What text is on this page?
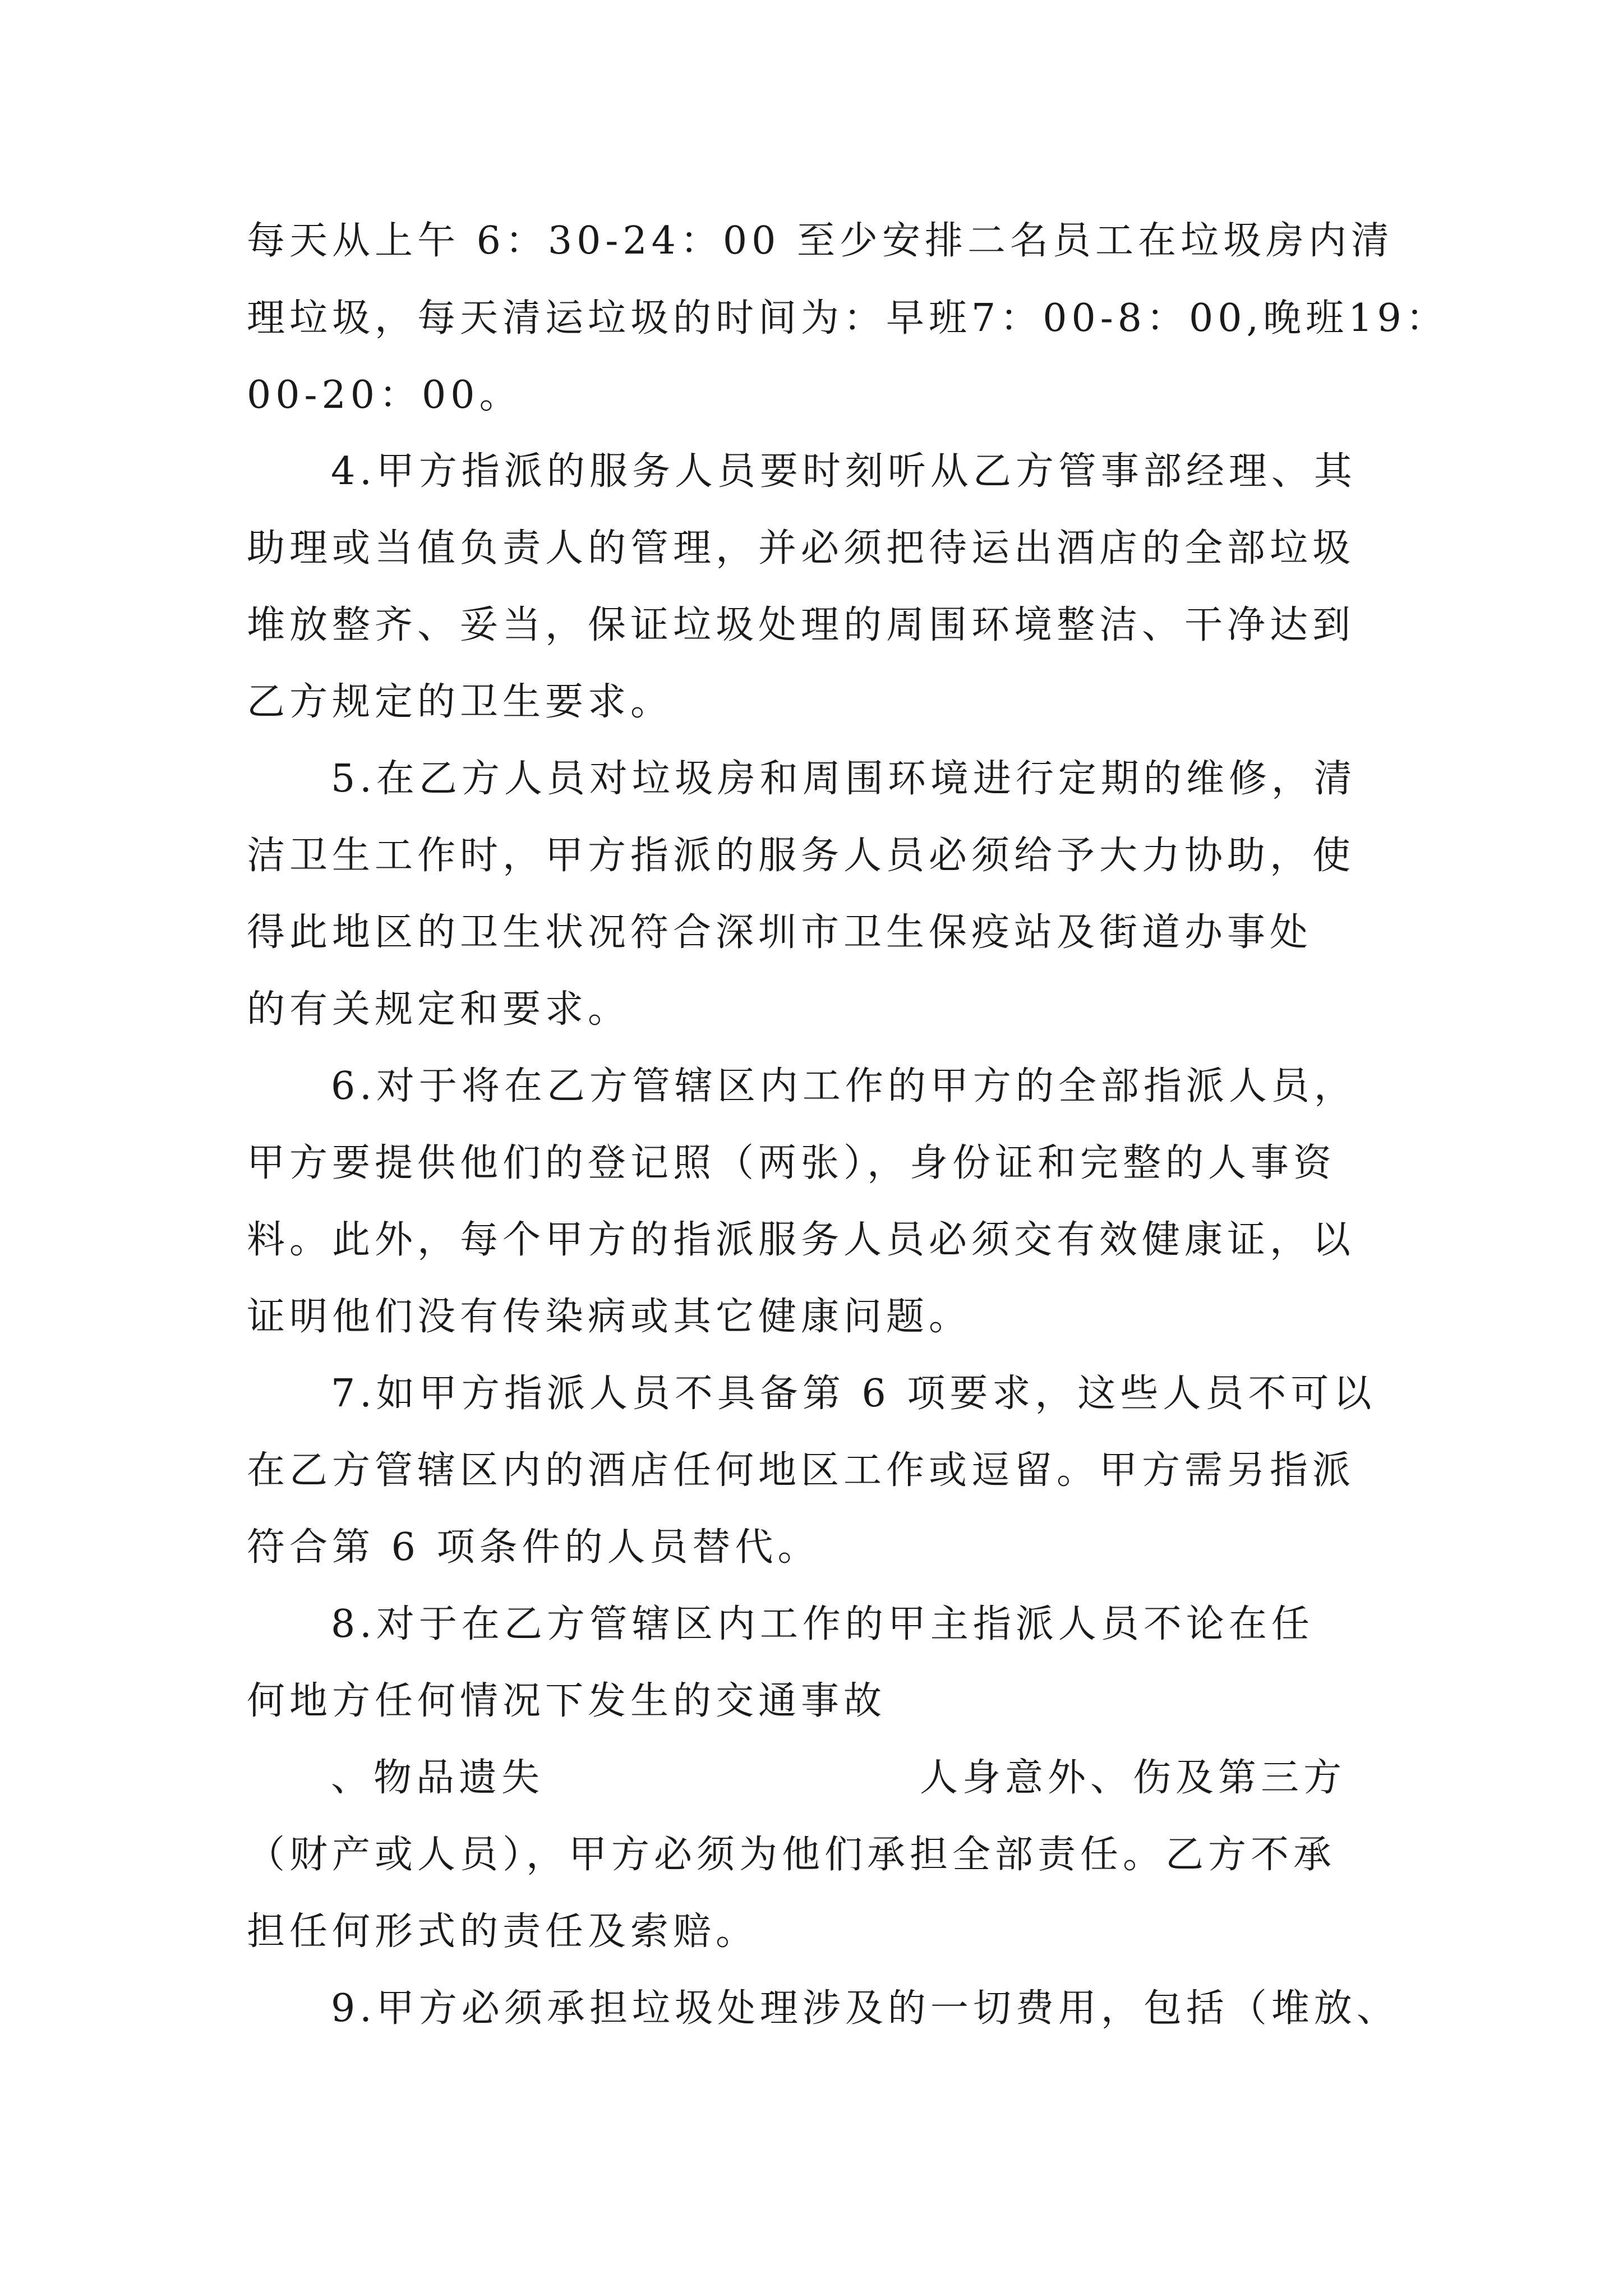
每天从上午 6：30-24：00 至少安排二名员工在垃圾房内清
理垃圾，每天清运垃圾的时间为：早班7：00-8：00,晚班19：
00-20：00。
4.甲方指派的服务人员要时刻听从乙方管事部经理、其
助理或当值负责人的管理，并必须把待运出酒店的全部垃圾
堆放整齐、妥当，保证垃圾处理的周围环境整洁、干净达到
乙方规定的卫生要求。
5.在乙方人员对垃圾房和周围环境进行定期的维修，清
洁卫生工作时，甲方指派的服务人员必须给予大力协助，使
得此地区的卫生状况符合深圳市卫生保疫站及街道办事处
的有关规定和要求。
6.对于将在乙方管辖区内工作的甲方的全部指派人员，
甲方要提供他们的登记照（两张），身份证和完整的人事资
料。此外，每个甲方的指派服务人员必须交有效健康证，以
证明他们没有传染病或其它健康问题。
7.如甲方指派人员不具备第 6 项要求，这些人员不可以
在乙方管辖区内的酒店任何地区工作或逗留。甲方需另指派
符合第 6 项条件的人员替代。
8.对于在乙方管辖区内工作的甲主指派人员不论在任
何地方任何情况下发生的交通事故
、物品遗失	人身意外、伤及第三方
（财产或人员），甲方必须为他们承担全部责任。乙方不承
担任何形式的责任及索赔。
9.甲方必须承担垃圾处理涉及的一切费用，包括（堆放、
